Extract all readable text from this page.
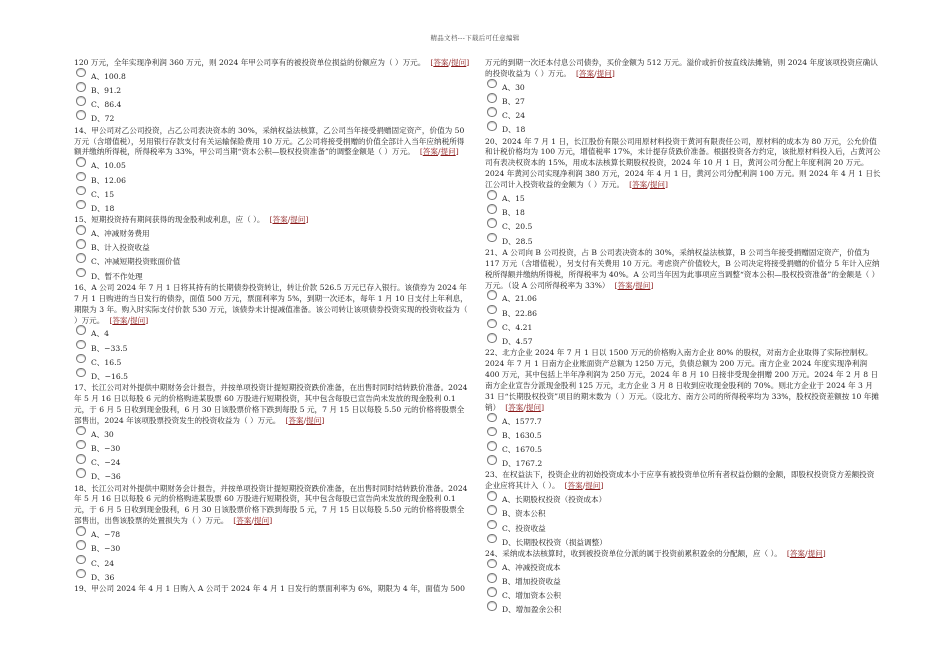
精品文档---下载后可任意编辑

120 万元，全年实现净利润 360 万元，则 2024 年甲公司享有的被投资单位损益的份额应为（ ）万元。 [答案/提问]

A、100.8
B、91.2
C、86.4
D、72

14、甲公司对乙公司投资，占乙公司表决资本的 30%，采纳权益法核算，乙公司当年接受捐赠固定资产，价值为 50 万元（含增值税），另用银行存款支付有关运输保险费用 10 万元。乙公司将接受捐赠的价值全部计入当年应纳税所得额并缴纳所得税，所得税率为 33%，甲公司当期“资本公积—股权投资准备”的调整金额是（ ）万元。 [答案/提问]

A、10.05
B、12.06
C、15
D、18

15、短期投资持有期间获得的现金股利或利息，应（ ）。 [答案/提问]

A、冲减财务费用
B、计入投资收益
C、冲减短期投资账面价值
D、暂不作处理

16、A 公司 2024 年 7 月 1 日将其持有的长期债券投资转让，转让价款 526.5 万元已存入银行。该债券为 2024 年 7 月 1 日购进的当日发行的债券，面值 500 万元，票面利率为 5%，到期一次还本，每年 1 月 10 日支付上年利息，期限为 3 年。购入时实际支付价款 530 万元，该债券未计提减值准备。该公司转让该项债券投资实现的投资收益为（ ）万元。 [答案/提问]

A、4
B、−33.5
C、16.5
D、−16.5

17、长江公司对外提供中期财务会计报告，并按单项投资计提短期投资跌价准备，在出售时同时结转跌价准备。2024 年 5 月 16 日以每股 6 元的价格购进某股票 60 万股进行短期投资，其中包含每股已宣告尚未发放的现金股利 0.1 元，于 6 月 5 日收到现金股利，6 月 30 日该股票价格下跌到每股 5 元，7 月 15 日以每股 5.50 元的价格将股票全部售出，2024 年该项股票投资发生的投资收益为（ ）万元。 [答案/提问]

A、30
B、−30
C、−24
D、−36

18、长江公司对外提供中期财务会计报告，并按单项投资计提短期投资跌价准备，在出售时同时结转跌价准备。2024 年 5 月 16 日以每股 6 元的价格购进某股票 60 万股进行短期投资，其中包含每股已宣告尚未发放的现金股利 0.1 元，于 6 月 5 日收到现金股利，6 月 30 日该股票价格下跌到每股 5 元，7 月 15 日以每股 5.50 元的价格将股票全部售出，出售该股票的处置损失为（ ）万元。 [答案/提问]

A、−78
B、−30
C、24
D、36

19、甲公司 2024 年 4 月 1 日购入 A 公司于 2024 年 4 月 1 日发行的票面利率为 6%，期限为 4 年，面值为 500

万元的到期一次还本付息公司债券，买价金额为 512 万元。溢价或折价按直线法摊销，则 2024 年度该项投资应确认的投资收益为（ ）万元。 [答案/提问]

A、30
B、27
C、24
D、18

20、2024 年 7 月 1 日，长江股份有限公司用原材料投资于黄河有限责任公司，原材料的成本为 80 万元，公允价值和计税价格均为 100 万元，增值税率 17%，未计提存货跌价准备。根据投资各方约定，该批原材料投入后，占黄河公司有表决权资本的 15%，用成本法核算长期股权投资，2024 年 10 月 1 日，黄河公司分配上年度利润 20 万元。2024 年黄河公司实现净利润 380 万元，2024 年 4 月 1 日，黄河公司分配利润 100 万元。则 2024 年 4 月 1 日长江公司计入投资收益的金额为（ ）万元。 [答案/提问]

A、15
B、18
C、20.5
D、28.5

21、A 公司向 B 公司投资，占 B 公司表决资本的 30%，采纳权益法核算，B 公司当年接受捐赠固定资产，价值为 117 万元（含增值税），另支付有关费用 10 万元。考虑资产价值较大，B 公司决定将接受捐赠的价值分 5 年计入应纳税所得额并缴纳所得税，所得税率为 40%。A 公司当年因为此事项应当调整“资本公积—股权投资准备”的金额是（ ）万元。（设 A 公司所得税率为 33%） [答案/提问]

A、21.06
B、22.86
C、4.21
D、4.57

22、北方企业 2024 年 7 月 1 日以 1500 万元的价格购入南方企业 80% 的股权，对南方企业取得了实际控制权。2024 年 7 月 1 日南方企业账面资产总额为 1250 万元，负债总额为 200 万元。南方企业 2024 年度实现净利润 400 万元，其中包括上半年净利润为 250 万元，2024 年 8 月 10 日接非受现金捐赠 200 万元。2024 年 2 月 8 日南方企业宣告分派现金股利 125 万元，北方企业 3 月 8 日收到应收现金股利的 70%。则北方企业于 2024 年 3 月 31 日“长期股权投资”项目的期末数为（ ）万元。（设北方、南方公司的所得税率均为 33%，股权投资差额按 10 年摊销） [答案/提问]

A、1577.7
B、1630.5
C、1670.5
D、1767.2

23、在权益法下，投资企业的初始投资成本小于应享有被投资单位所有者权益份额的金额，即股权投资贷方差额投资企业应将其计入（ ）。 [答案/提问]

A、长期股权投资（投资成本）
B、资本公积
C、投资收益
D、长期股权投资（损益调整）

24、采纳成本法核算时，收到被投资单位分派的属于投资前累积盈余的分配额，应（ ）。 [答案/提问]

A、冲减投资成本
B、增加投资收益
C、增加资本公积
D、增加盈余公积
